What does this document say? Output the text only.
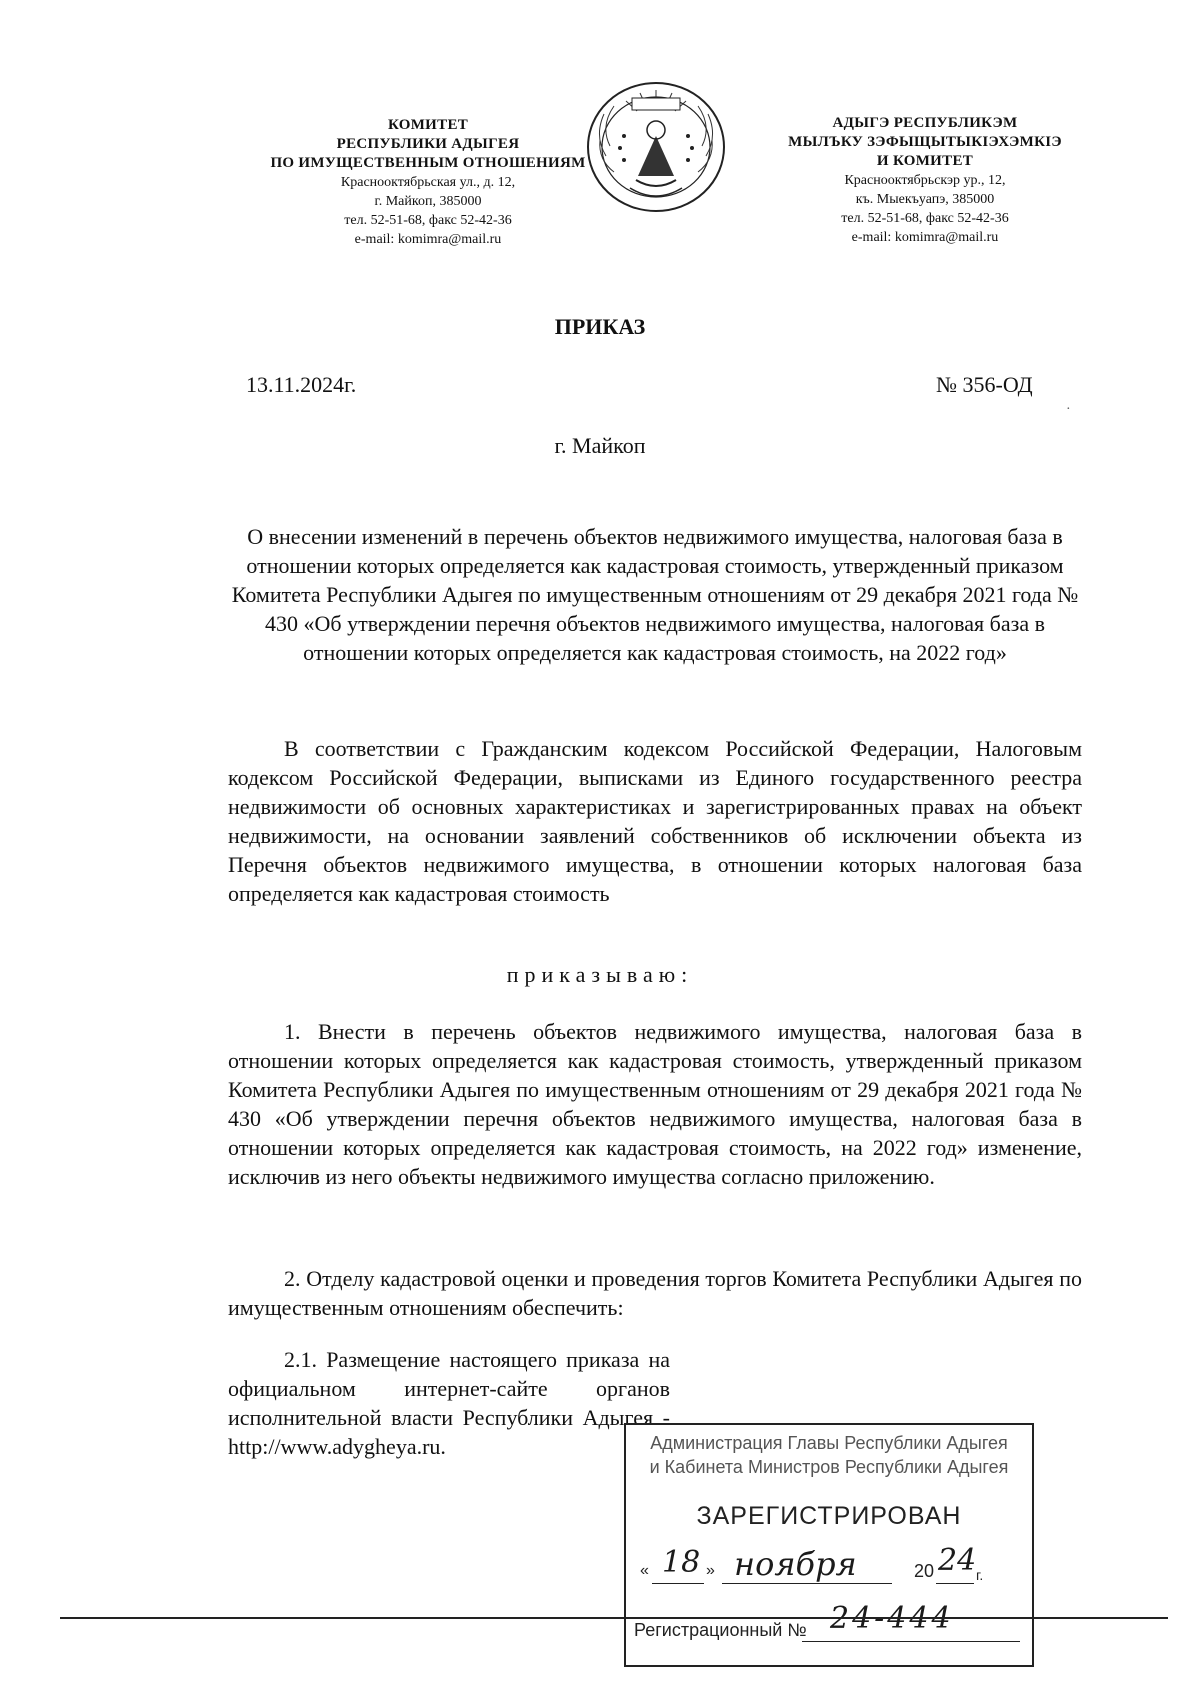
КОМИТЕТ
РЕСПУБЛИКИ АДЫГЕЯ
ПО ИМУЩЕСТВЕННЫМ ОТНОШЕНИЯМ
Краснооктябрьская ул., д. 12,
г. Майкоп, 385000
тел. 52-51-68, факс 52-42-36
e-mail: komimra@mail.ru
АДЫГЭ РЕСПУБЛИКЭМ
МЫЛЪКУ ЗЭФЫЩЫТЫКIЭХЭМКIЭ
И КОМИТЕТ
Краснооктябрьскэр ур., 12,
къ. Мыекъуапэ, 385000
тел. 52-51-68, факс 52-42-36
e-mail: komimra@mail.ru
ПРИКАЗ
13.11.2024г.	№ 356-ОД
·
г. Майкоп
О внесении изменений в перечень объектов недвижимого имущества, налоговая база в отношении которых определяется как кадастровая стоимость, утвержденный приказом Комитета Республики Адыгея по имущественным отношениям от 29 декабря 2021 года № 430 «Об утверждении перечня объектов недвижимого имущества, налоговая база в отношении которых определяется как кадастровая стоимость, на 2022 год»
В соответствии с Гражданским кодексом Российской Федерации, Налоговым кодексом Российской Федерации, выписками из Единого государственного реестра недвижимости об основных характеристиках и зарегистрированных правах на объект недвижимости, на основании заявлений собственников об исключении объекта из Перечня объектов недвижимого имущества, в отношении которых налоговая база определяется как кадастровая стоимость
приказываю:
1. Внести в перечень объектов недвижимого имущества, налоговая база в отношении которых определяется как кадастровая стоимость, утвержденный приказом Комитета Республики Адыгея по имущественным отношениям от 29 декабря 2021 года № 430 «Об утверждении перечня объектов недвижимого имущества, налоговая база в отношении которых определяется как кадастровая стоимость, на 2022 год» изменение, исключив из него объекты недвижимого имущества согласно приложению.
2. Отделу кадастровой оценки и проведения торгов Комитета Республики Адыгея по имущественным отношениям обеспечить:
2.1. Размещение настоящего приказа на официальном интернет-сайте органов исполнительной власти Республики Адыгея - http://www.adygheya.ru.	Администрация Главы Республики Адыгея
и Кабинета Министров Республики Адыгея
ЗАРЕГИСТРИРОВАН
« 18 » ноября	20 24 г.
Регистрационный № 24-444
